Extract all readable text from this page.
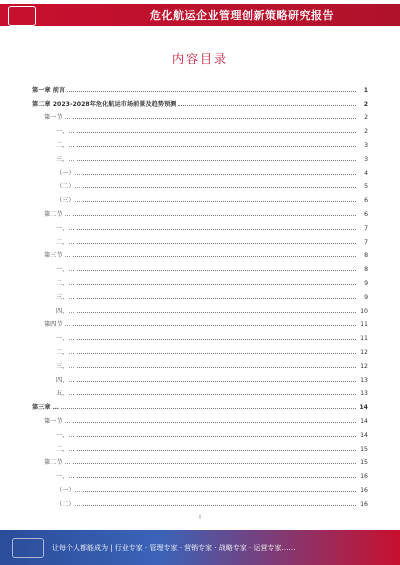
危化航运企业管理创新策略研究报告
内容目录
第一章 前言	1
第二章 2023-2028年危化航运市场前景及趋势预测	2
第一节 …	2
一、…	2
二、…	3
三、…	3
（一）…	4
（二）…	5
（三）…	6
第二节 …	6
一、…	7
二、…	7
第三节 …	8
一、…	8
二、…	9
三、…	9
四、…	10
第四节 …	11
一、…	11
二、…	12
三、…	12
四、…	13
五、…	13
第三章 …	14
第一节 …	14
一、…	14
二、…	15
第二节 …	15
一、…	16
（一）…	16
（二）…	16
I
让每个人都能成为 | 行业专家 · 管理专家 · 营销专家 · 战略专家 · 运营专家……
